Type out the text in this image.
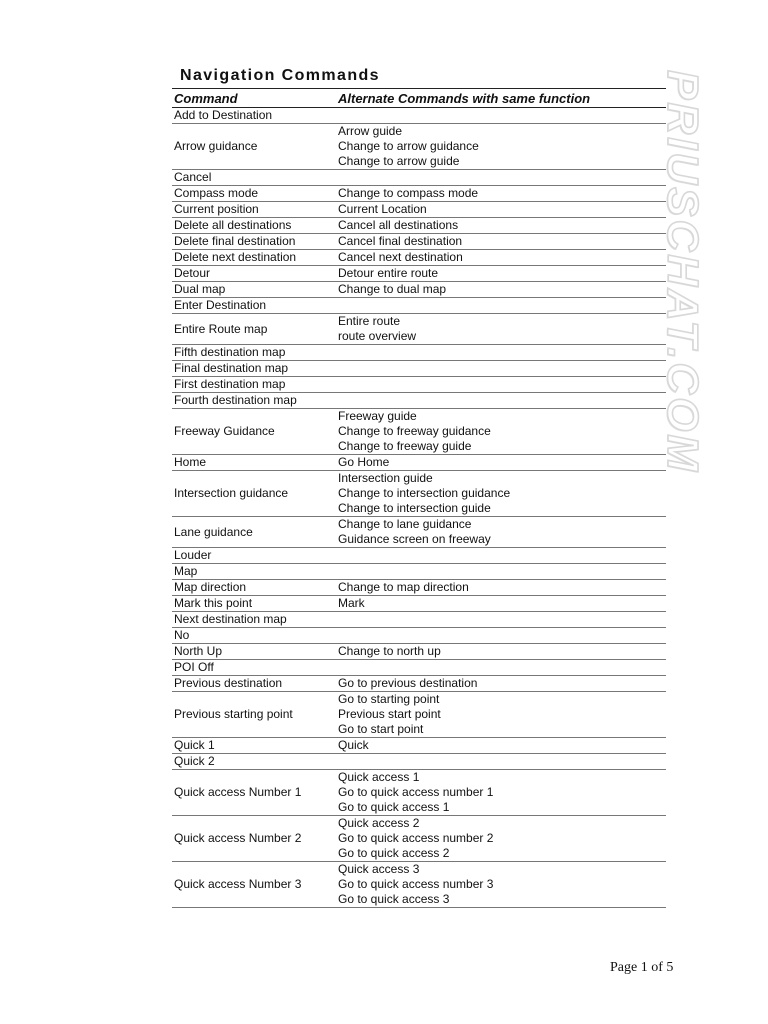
Navigation Commands	PRIUSCHAT.COM
Command	Alternate Commands with same function
Add to Destination	
Arrow guidance	Arrow guide
Change to arrow guidance
Change to arrow guide

Cancel	
Compass mode	Change to compass mode

Current position	Current Location

Delete all destinations	Cancel all destinations

Delete final destination	Cancel final destination

Delete next destination	Cancel next destination

Detour	Detour entire route

Dual map	Change to dual map

Enter Destination	
Entire Route map	Entire route
route overview

Fifth destination map	
Final destination map	
First destination map	
Fourth destination map	
Freeway Guidance	Freeway guide
Change to freeway guidance
Change to freeway guide

Home	Go Home

Intersection guidance	Intersection guide
Change to intersection guidance
Change to intersection guide

Lane guidance	Change to lane guidance
Guidance screen on freeway

Louder	
Map	
Map direction	Change to map direction

Mark this point	Mark

Next destination map	
No	
North Up	Change to north up

POI Off	
Previous destination	Go to previous destination

Previous starting point	Go to starting point
Previous start point
Go to start point

Quick 1	Quick

Quick 2	
Quick access Number 1	Quick access 1
Go to quick access number 1
Go to quick access 1

Quick access Number 2	Quick access 2
Go to quick access number 2
Go to quick access 2

Quick access Number 3	Quick access 3
Go to quick access number 3
Go to quick access 3
Page 1 of 5
